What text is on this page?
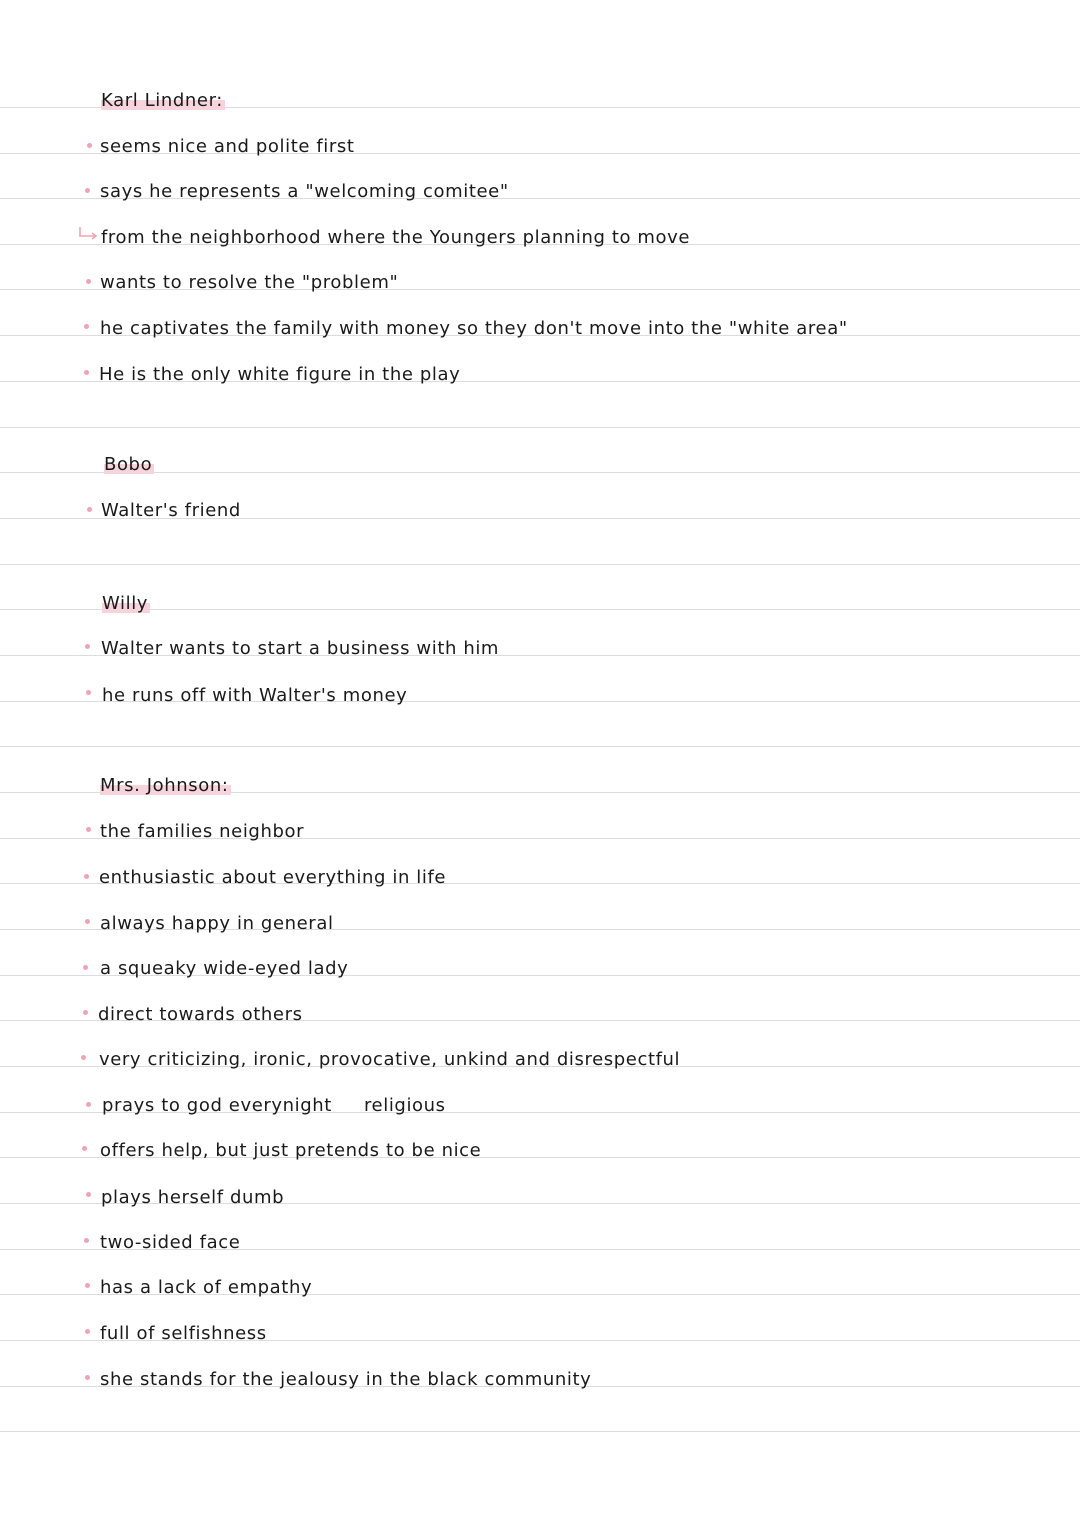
Karl Lindner:
seems nice and polite first
says he represents a "welcoming comitee"
from the neighborhood where the Youngers planning to move
wants to resolve the "problem"
he captivates the family with money so they don't move into the "white area"
He is the only white figure in the play
Bobo
Walter's friend
Willy
Walter wants to start a business with him
he runs off with Walter's money
Mrs. Johnson:
the families neighbor
enthusiastic about everything in life
always happy in general
a squeaky wide-eyed lady
direct towards others
very criticizing, ironic, provocative, unkind and disrespectful
prays to god everynight religious
offers help, but just pretends to be nice
plays herself dumb
two-sided face
has a lack of empathy
full of selfishness
she stands for the jealousy in the black community
